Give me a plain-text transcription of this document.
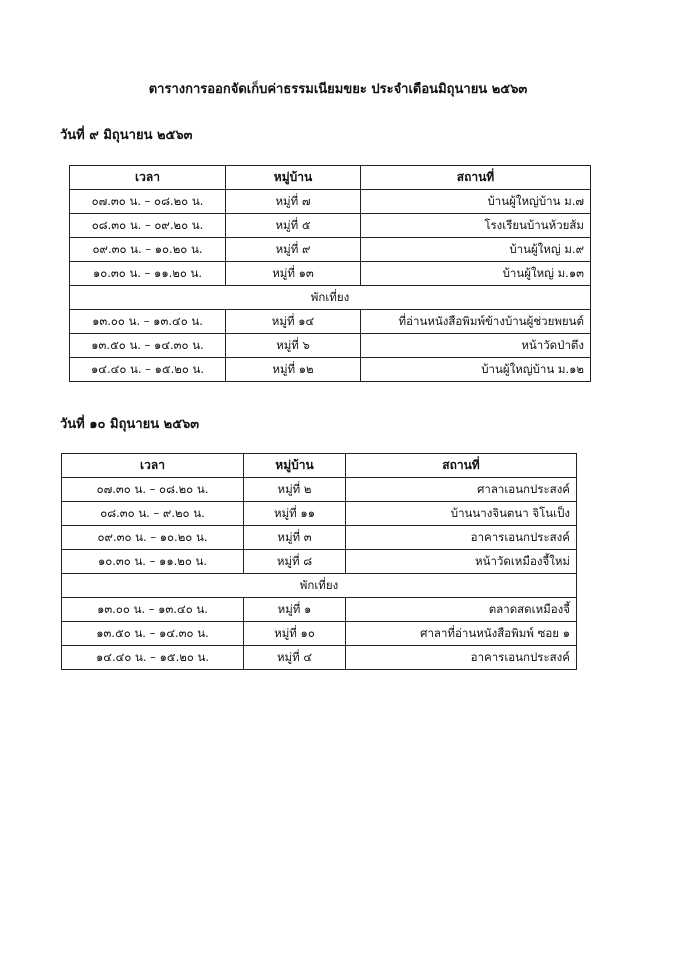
ตารางการออกจัดเก็บค่าธรรมเนียมขยะ ประจำเดือนมิถุนายน ๒๕๖๓
วันที่ ๙ มิถุนายน ๒๕๖๓
เวลา	หมู่บ้าน	สถานที่
๐๗.๓๐ น. – ๐๘.๒๐ น.	หมู่ที่ ๗	บ้านผู้ใหญ่บ้าน ม.๗
๐๘.๓๐ น. – ๐๙.๒๐ น.	หมู่ที่ ๕	โรงเรียนบ้านห้วยส้ม
๐๙.๓๐ น. – ๑๐.๒๐ น.	หมู่ที่ ๙	บ้านผู้ใหญ่ ม.๙
๑๐.๓๐ น. – ๑๑.๒๐ น.	หมู่ที่ ๑๓	บ้านผู้ใหญ่ ม.๑๓
พักเที่ยง		
๑๓.๐๐ น. – ๑๓.๔๐ น.	หมู่ที่ ๑๔	ที่อ่านหนังสือพิมพ์ข้างบ้านผู้ช่วยพยนต์
๑๓.๕๐ น. – ๑๔.๓๐ น.	หมู่ที่ ๖	หน้าวัดป่าตึง
๑๔.๔๐ น. – ๑๕.๒๐ น.	หมู่ที่ ๑๒	บ้านผู้ใหญ่บ้าน ม.๑๒
วันที่ ๑๐ มิถุนายน ๒๕๖๓
เวลา	หมู่บ้าน	สถานที่
๐๗.๓๐ น. – ๐๘.๒๐ น.	หมู่ที่ ๒	ศาลาเอนกประสงค์
๐๘.๓๐ น. – ๙.๒๐ น.	หมู่ที่ ๑๑	บ้านนางจินตนา จิโนเป็ง
๐๙.๓๐ น. – ๑๐.๒๐ น.	หมู่ที่ ๓	อาคารเอนกประสงค์
๑๐.๓๐ น. – ๑๑.๒๐ น.	หมู่ที่ ๘	หน้าวัดเหมืองจี้ใหม่
พักเที่ยง		
๑๓.๐๐ น. – ๑๓.๔๐ น.	หมู่ที่ ๑	ตลาดสดเหมืองจี้
๑๓.๕๐ น. – ๑๔.๓๐ น.	หมู่ที่ ๑๐	ศาลาที่อ่านหนังสือพิมพ์ ซอย ๑
๑๔.๔๐ น. – ๑๕.๒๐ น.	หมู่ที่ ๔	อาคารเอนกประสงค์
